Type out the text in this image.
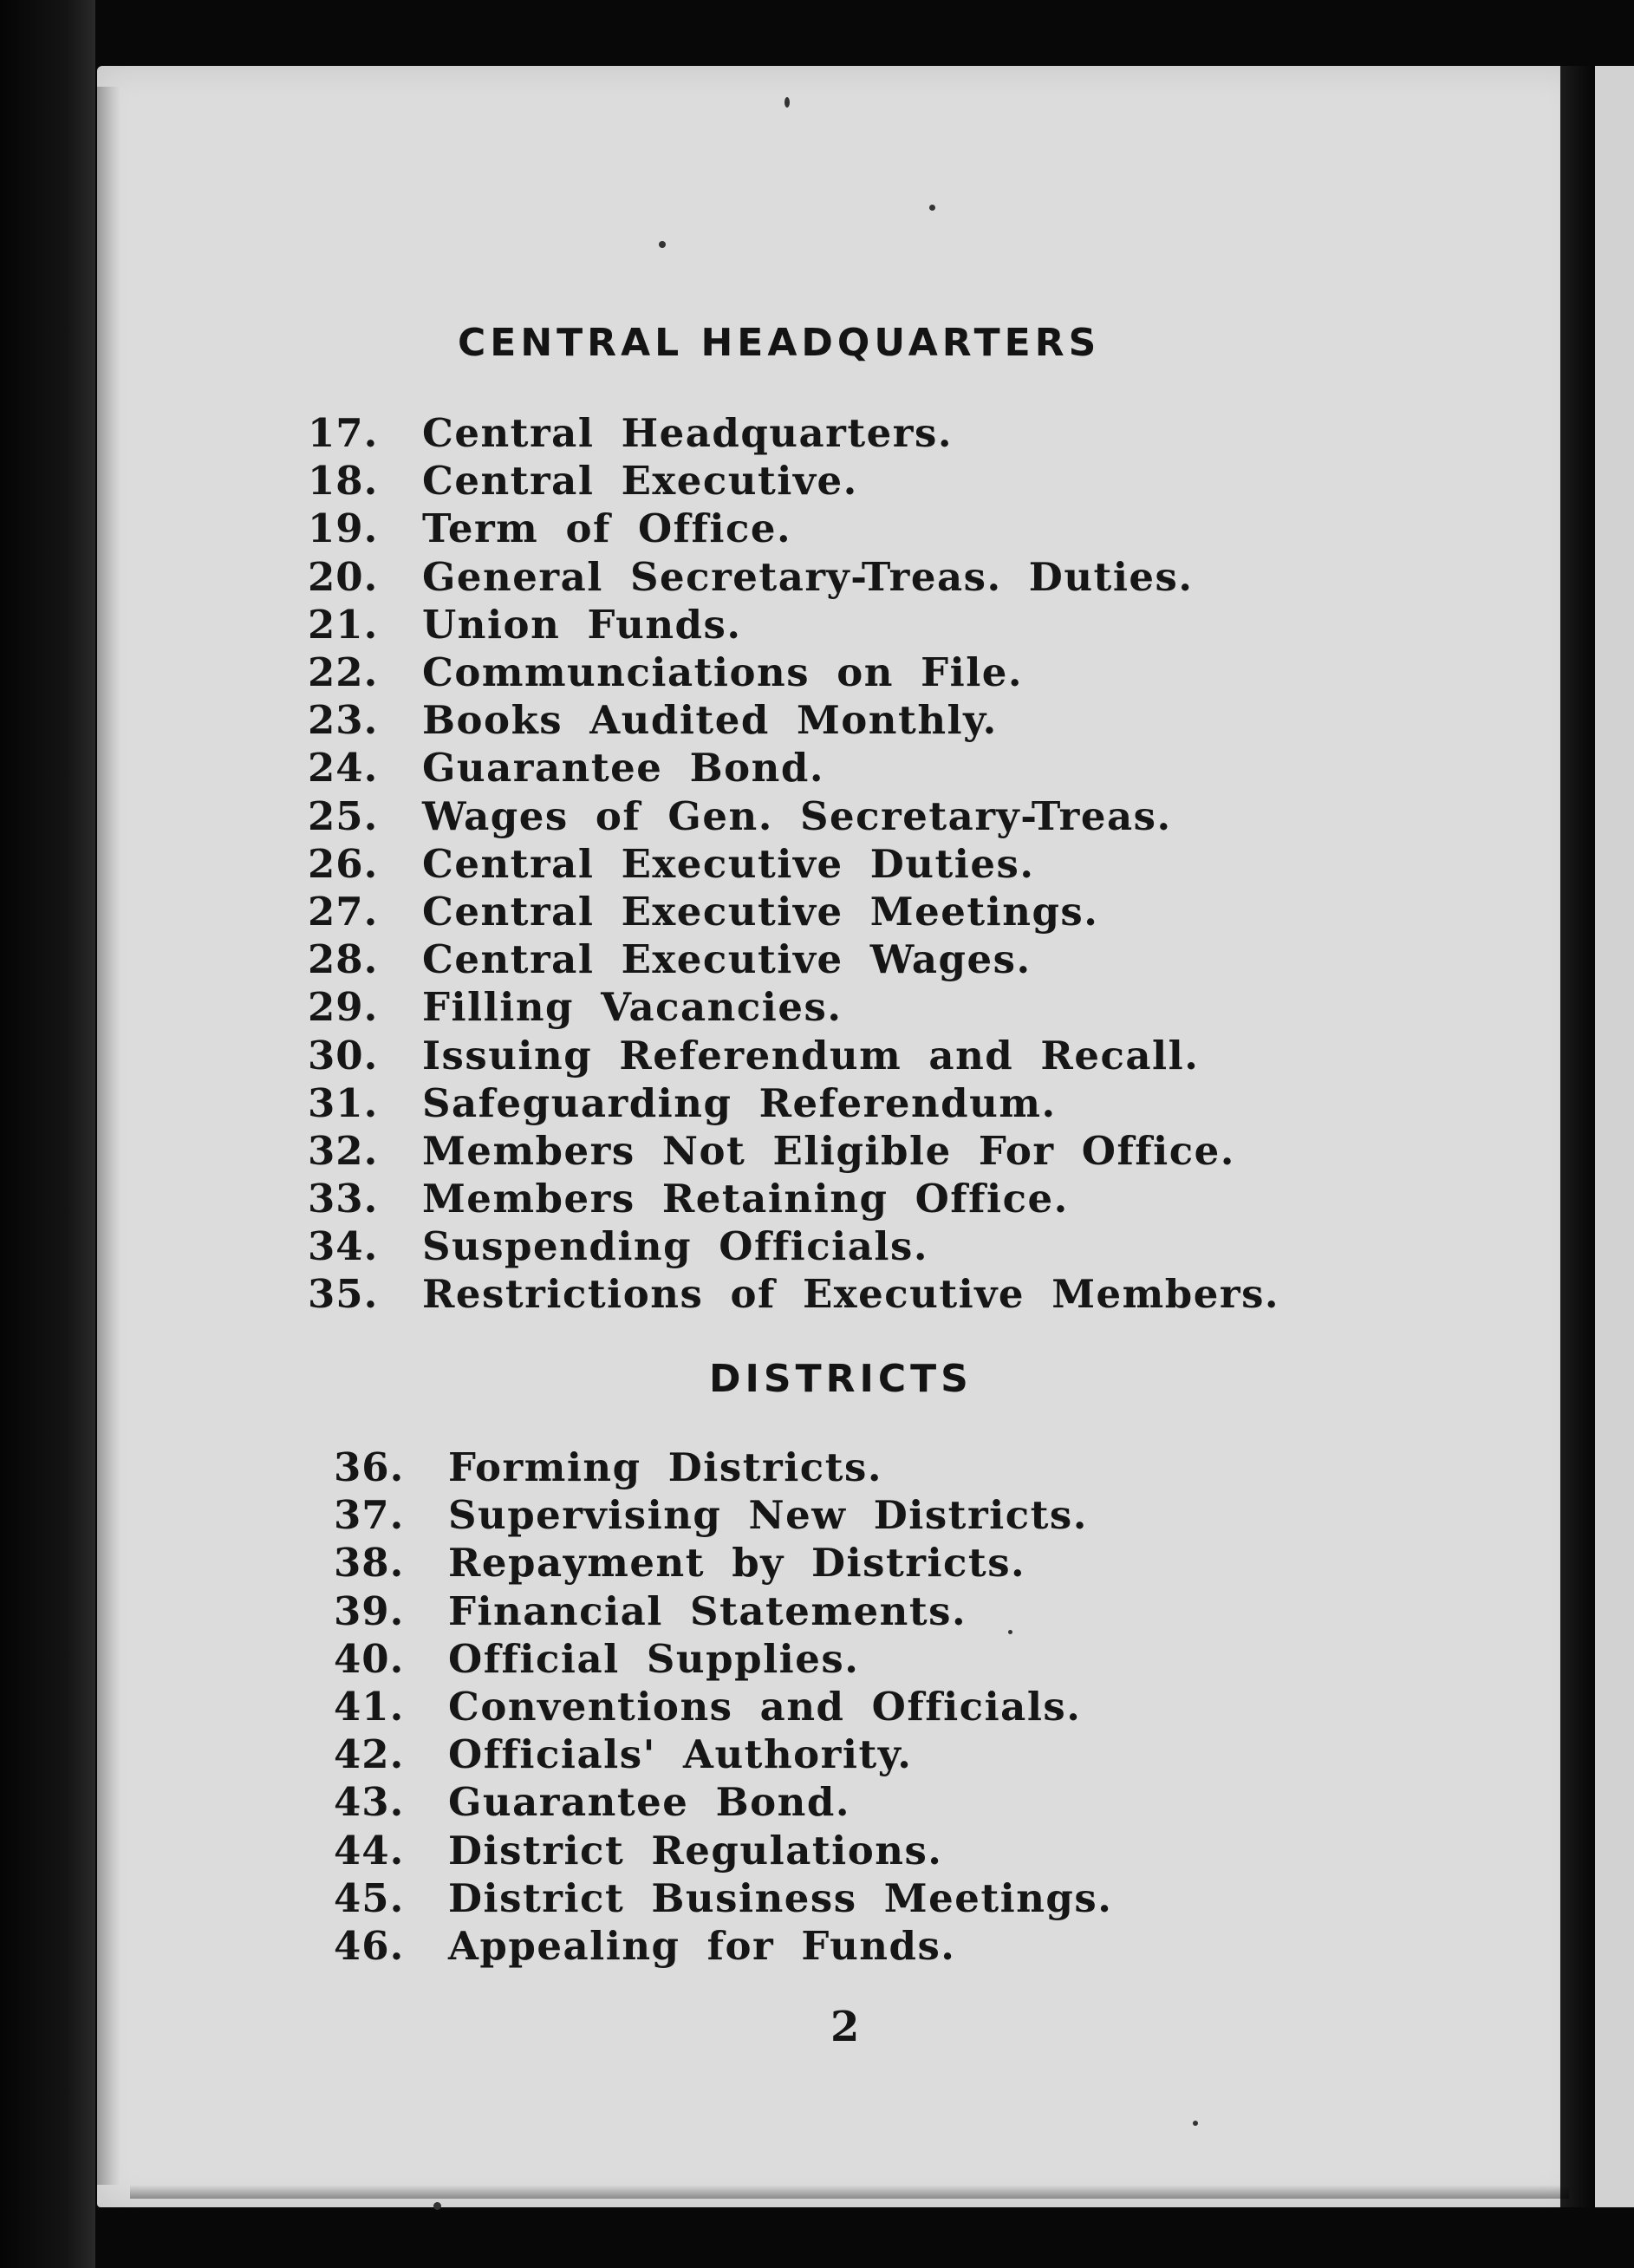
CENTRAL HEADQUARTERS
17.	Central Headquarters.
18.	Central Executive.
19.	Term of Office.
20.	General Secretary-Treas. Duties.
21.	Union Funds.
22.	Communciations on File.
23.	Books Audited Monthly.
24.	Guarantee Bond.
25.	Wages of Gen. Secretary-Treas.
26.	Central Executive Duties.
27.	Central Executive Meetings.
28.	Central Executive Wages.
29.	Filling Vacancies.
30.	Issuing Referendum and Recall.
31.	Safeguarding Referendum.
32.	Members Not Eligible For Office.
33.	Members Retaining Office.
34.	Suspending Officials.
35.	Restrictions of Executive Members.
DISTRICTS
36.	Forming Districts.
37.	Supervising New Districts.
38.	Repayment by Districts.
39.	Financial Statements.
40.	Official Supplies.
41.	Conventions and Officials.
42.	Officials' Authority.
43.	Guarantee Bond.
44.	District Regulations.
45.	District Business Meetings.
46.	Appealing for Funds.
2
